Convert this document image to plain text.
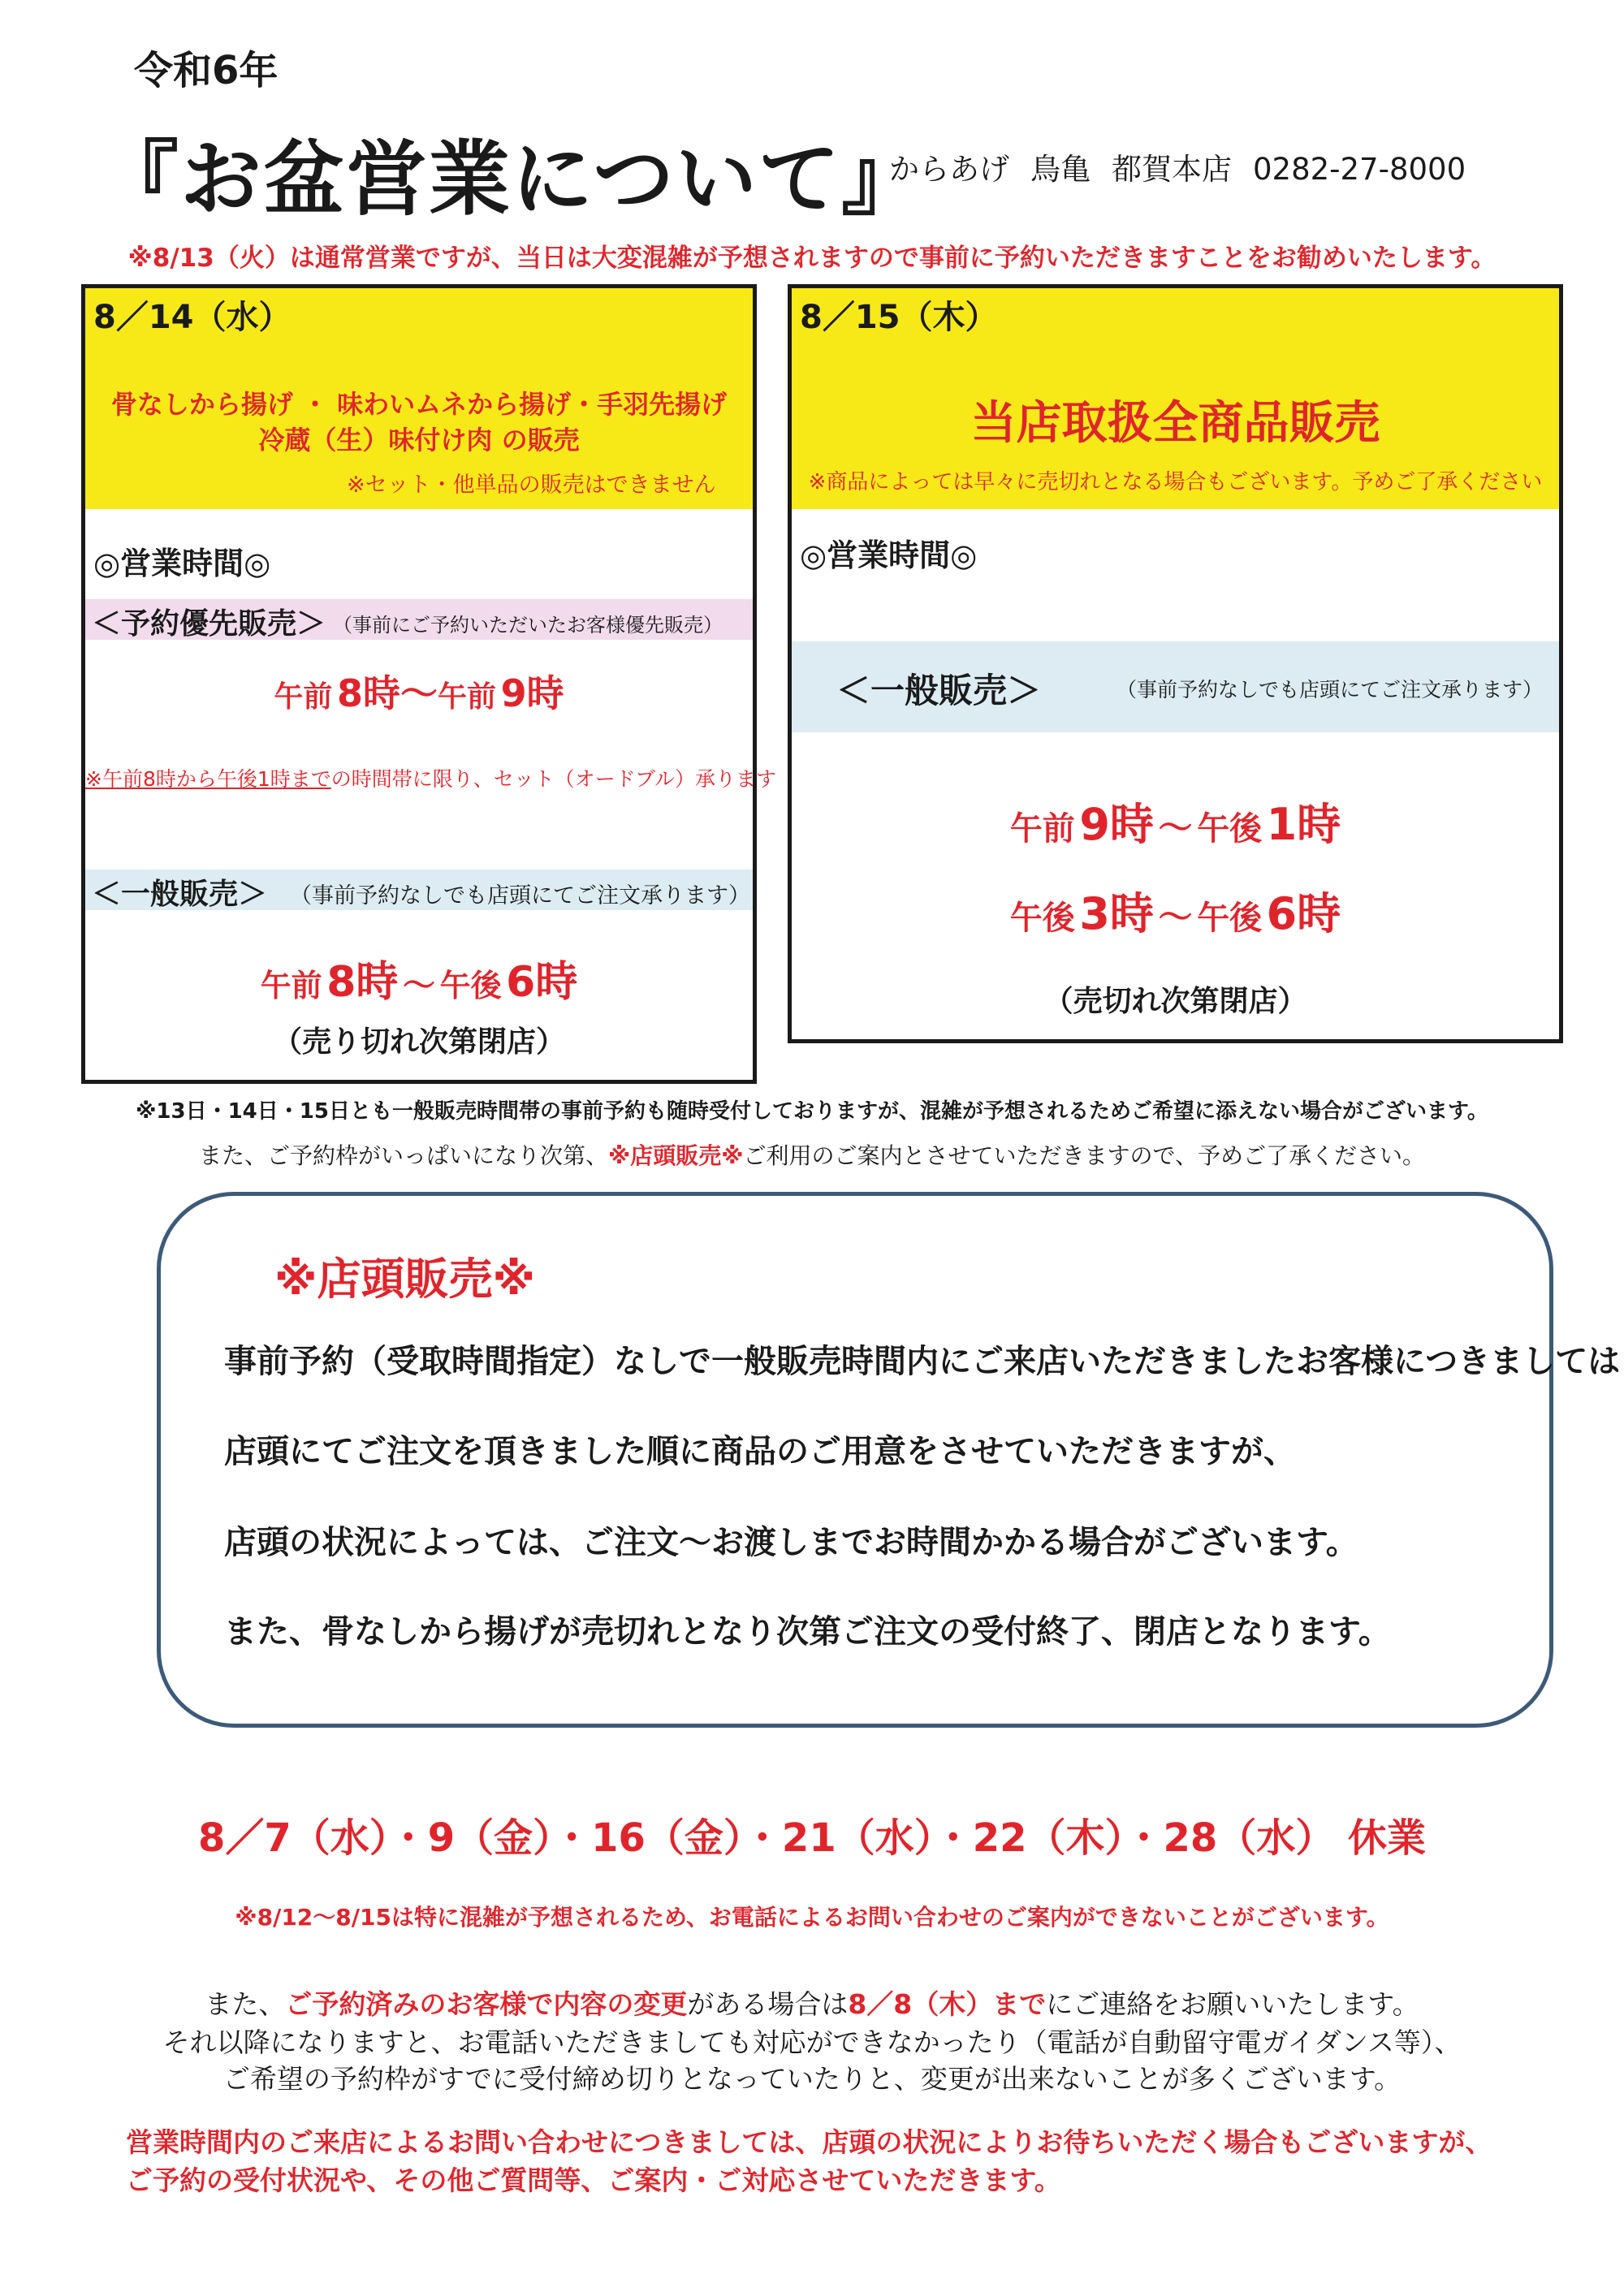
令和6年
『お盆営業について』
からあげ 鳥亀 都賀本店 0282-27-8000
※8/13（火）は通常営業ですが、当日は大変混雑が予想されますので事前に予約いただきますことをお勧めいたします。
8／14（水）
骨なしから揚げ ・ 味わいムネから揚げ・手羽先揚げ
冷蔵（生）味付け肉 の販売
※セット・他単品の販売はできません
◎営業時間◎
＜予約優先販売＞ （事前にご予約いただいたお客様優先販売）
午前 8時～午前 9時
※午前8時から午後1時までの時間帯に限り、セット（オードブル）承ります
＜一般販売＞ （事前予約なしでも店頭にてご注文承ります）
午前 8時 ～ 午後 6時
（売り切れ次第閉店）
8／15（木）
当店取扱全商品販売
※商品によっては早々に売切れとなる場合もございます。予めご了承ください
◎営業時間◎
＜一般販売＞	（事前予約なしでも店頭にてご注文承ります）
午前 9時 ～ 午後 1時
午後 3時 ～ 午後 6時
（売切れ次第閉店）
※13日・14日・15日とも一般販売時間帯の事前予約も随時受付しておりますが、混雑が予想されるためご希望に添えない場合がございます。
また、ご予約枠がいっぱいになり次第、※店頭販売※ご利用のご案内とさせていただきますので、予めご了承ください。
※店頭販売※
事前予約（受取時間指定）なしで一般販売時間内にご来店いただきましたお客様につきましては
店頭にてご注文を頂きました順に商品のご用意をさせていただきますが、
店頭の状況によっては、ご注文～お渡しまでお時間かかる場合がございます。
また、骨なしから揚げが売切れとなり次第ご注文の受付終了、閉店となります。
8／7（水）・9（金）・16（金）・21（水）・22（木）・28（水） 休業
※8/12～8/15は特に混雑が予想されるため、お電話によるお問い合わせのご案内ができないことがございます。
また、ご予約済みのお客様で内容の変更がある場合は8／8（木）までにご連絡をお願いいたします。
それ以降になりますと、お電話いただきましても対応ができなかったり（電話が自動留守電ガイダンス等）、
ご希望の予約枠がすでに受付締め切りとなっていたりと、変更が出来ないことが多くございます。
営業時間内のご来店によるお問い合わせにつきましては、店頭の状況によりお待ちいただく場合もございますが、
ご予約の受付状況や、その他ご質問等、ご案内・ご対応させていただきます。
